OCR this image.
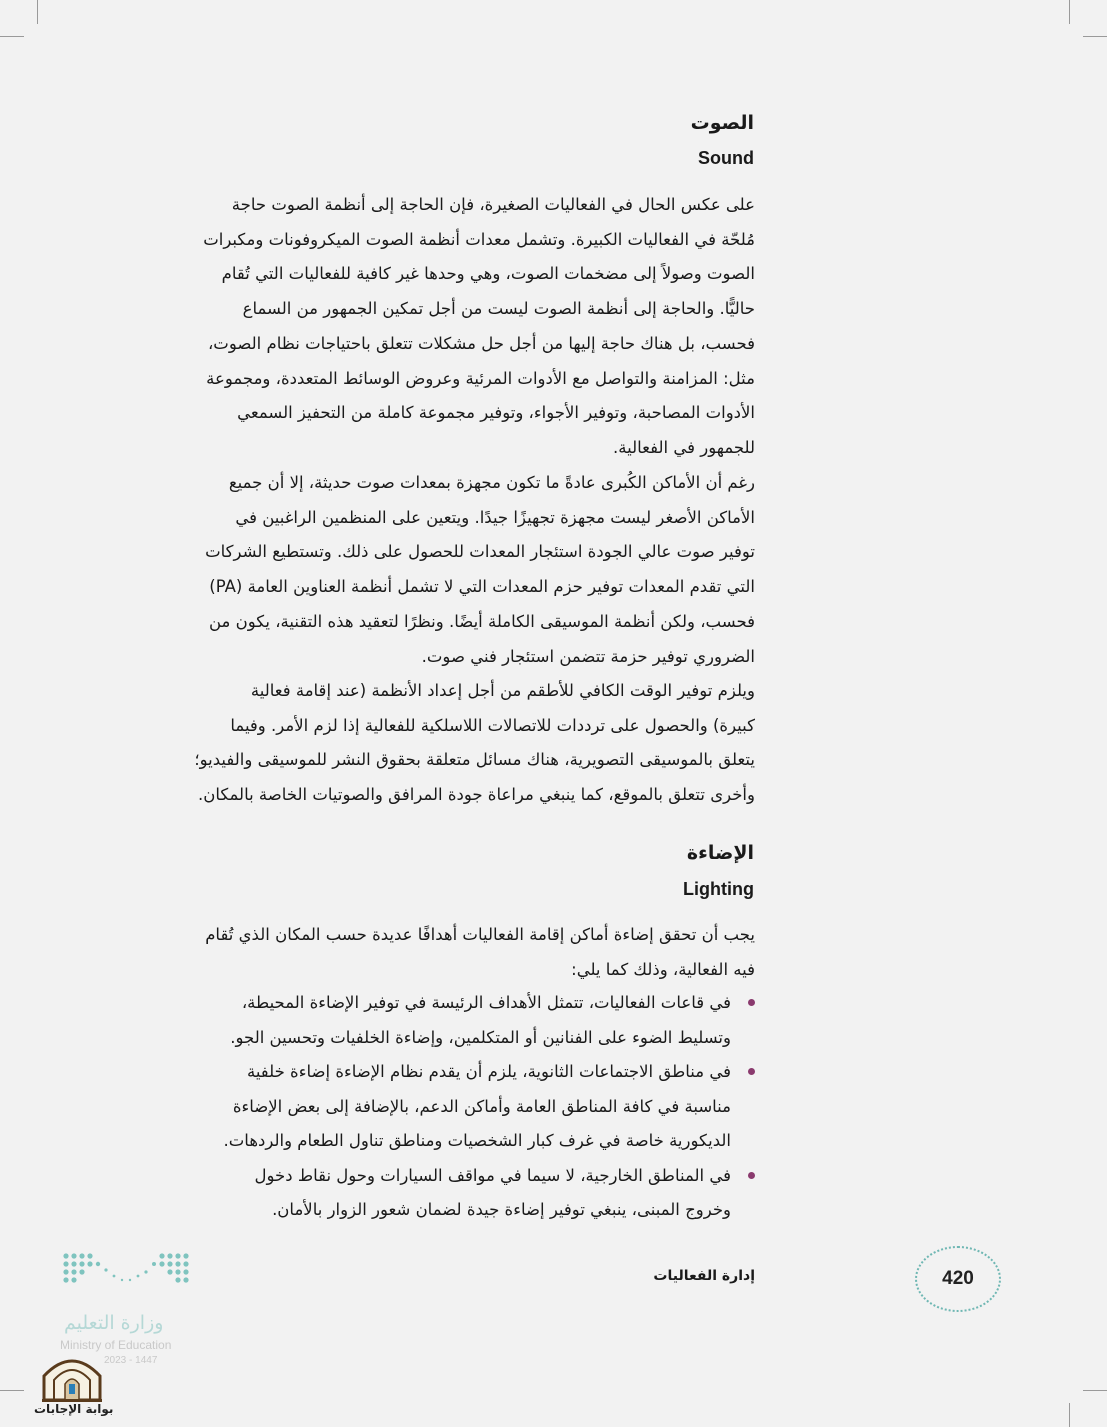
الصوت
Sound
على عكس الحال في الفعاليات الصغيرة، فإن الحاجة إلى أنظمة الصوت حاجة
مُلحّة في الفعاليات الكبيرة. وتشمل معدات أنظمة الصوت الميكروفونات ومكبرات
الصوت وصولاً إلى مضخمات الصوت، وهي وحدها غير كافية للفعاليات التي تُقام
حاليًّا. والحاجة إلى أنظمة الصوت ليست من أجل تمكين الجمهور من السماع
فحسب، بل هناك حاجة إليها من أجل حل مشكلات تتعلق باحتياجات نظام الصوت،
مثل: المزامنة والتواصل مع الأدوات المرئية وعروض الوسائط المتعددة، ومجموعة
الأدوات المصاحبة، وتوفير الأجواء، وتوفير مجموعة كاملة من التحفيز السمعي
للجمهور في الفعالية.
رغم أن الأماكن الكُبرى عادةً ما تكون مجهزة بمعدات صوت حديثة، إلا أن جميع
الأماكن الأصغر ليست مجهزة تجهيزًا جيدًا. ويتعين على المنظمين الراغبين في
توفير صوت عالي الجودة استئجار المعدات للحصول على ذلك. وتستطيع الشركات
التي تقدم المعدات توفير حزم المعدات التي لا تشمل أنظمة العناوين العامة (PA)
فحسب، ولكن أنظمة الموسيقى الكاملة أيضًا. ونظرًا لتعقيد هذه التقنية، يكون من
الضروري توفير حزمة تتضمن استئجار فني صوت.
ويلزم توفير الوقت الكافي للأطقم من أجل إعداد الأنظمة (عند إقامة فعالية
كبيرة) والحصول على ترددات للاتصالات اللاسلكية للفعالية إذا لزم الأمر. وفيما
يتعلق بالموسيقى التصويرية، هناك مسائل متعلقة بحقوق النشر للموسيقى والفيديو؛
وأخرى تتعلق بالموقع، كما ينبغي مراعاة جودة المرافق والصوتيات الخاصة بالمكان.
الإضاءة
Lighting
يجب أن تحقق إضاءة أماكن إقامة الفعاليات أهدافًا عديدة حسب المكان الذي تُقام
فيه الفعالية، وذلك كما يلي:
في قاعات الفعاليات، تتمثل الأهداف الرئيسة في توفير الإضاءة المحيطة،
وتسليط الضوء على الفنانين أو المتكلمين، وإضاءة الخلفيات وتحسين الجو.
في مناطق الاجتماعات الثانوية، يلزم أن يقدم نظام الإضاءة إضاءة خلفية
مناسبة في كافة المناطق العامة وأماكن الدعم، بالإضافة إلى بعض الإضاءة
الديكورية خاصة في غرف كبار الشخصيات ومناطق تناول الطعام والردهات.
في المناطق الخارجية، لا سيما في مواقف السيارات وحول نقاط دخول
وخروج المبنى، ينبغي توفير إضاءة جيدة لضمان شعور الزوار بالأمان.
إدارة الفعاليات	420
وزارة التعليم
Ministry of Education
2023 - 1447
بوابة الإجابات
